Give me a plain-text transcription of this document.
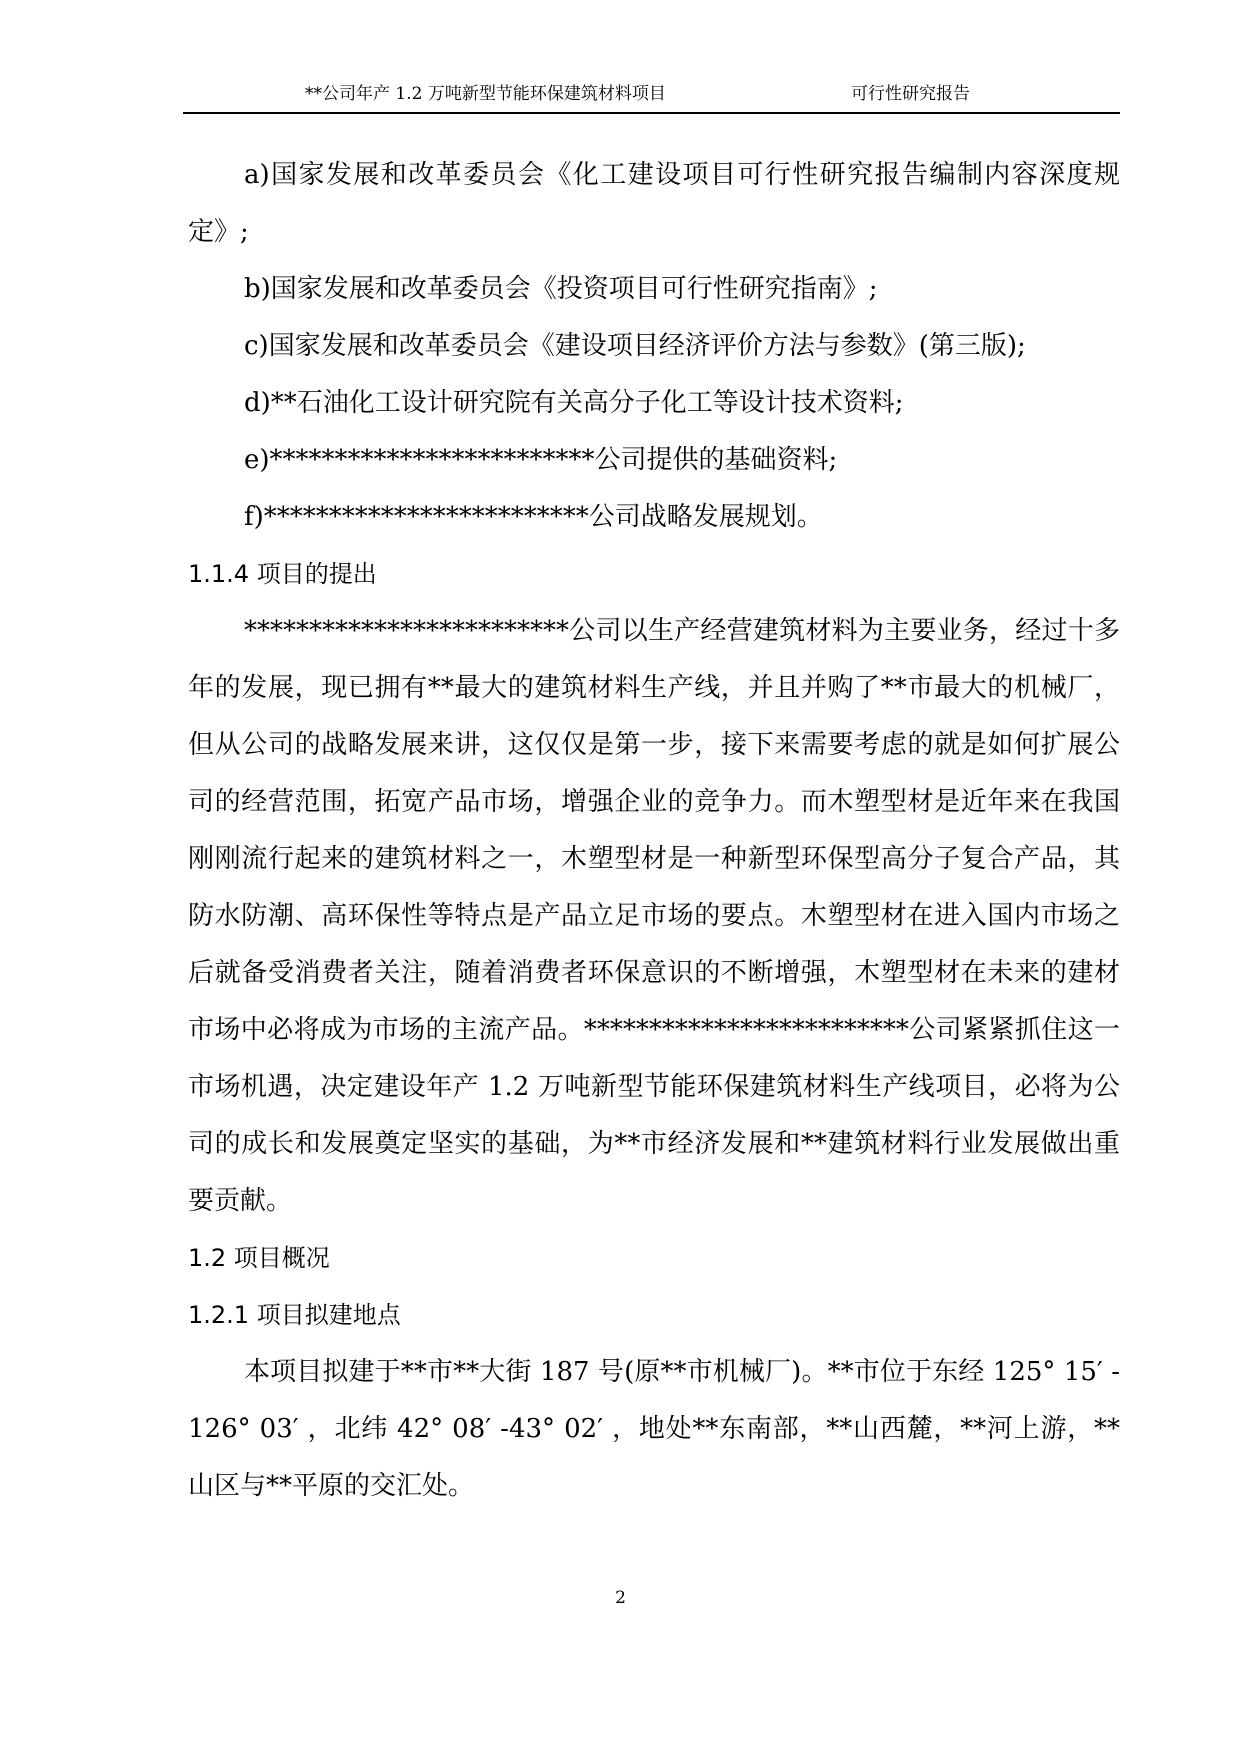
**公司年产 1.2 万吨新型节能环保建筑材料项目	可行性研究报告

a)国家发展和改革委员会《化工建设项目可行性研究报告编制内容深度规定》;

b)国家发展和改革委员会《投资项目可行性研究指南》;

c)国家发展和改革委员会《建设项目经济评价方法与参数》(第三版);

d)**石油化工设计研究院有关高分子化工等设计技术资料;

e)*************************公司提供的基础资料;

f)*************************公司战略发展规划。

1.1.4 项目的提出

*************************公司以生产经营建筑材料为主要业务，经过十多年的发展，现已拥有**最大的建筑材料生产线，并且并购了**市最大的机械厂，但从公司的战略发展来讲，这仅仅是第一步，接下来需要考虑的就是如何扩展公司的经营范围，拓宽产品市场，增强企业的竞争力。而木塑型材是近年来在我国刚刚流行起来的建筑材料之一，木塑型材是一种新型环保型高分子复合产品，其防水防潮、高环保性等特点是产品立足市场的要点。木塑型材在进入国内市场之后就备受消费者关注，随着消费者环保意识的不断增强，木塑型材在未来的建材市场中必将成为市场的主流产品。*************************公司紧紧抓住这一市场机遇，决定建设年产 1.2 万吨新型节能环保建筑材料生产线项目，必将为公司的成长和发展奠定坚实的基础，为**市经济发展和**建筑材料行业发展做出重要贡献。

1.2 项目概况
1.2.1 项目拟建地点

本项目拟建于**市**大街 187 号(原**市机械厂)。**市位于东经 125° 15′ -126° 03′ ，北纬 42° 08′ -43° 02′ ，地处**东南部，**山西麓，**河上游，**山区与**平原的交汇处。

2
